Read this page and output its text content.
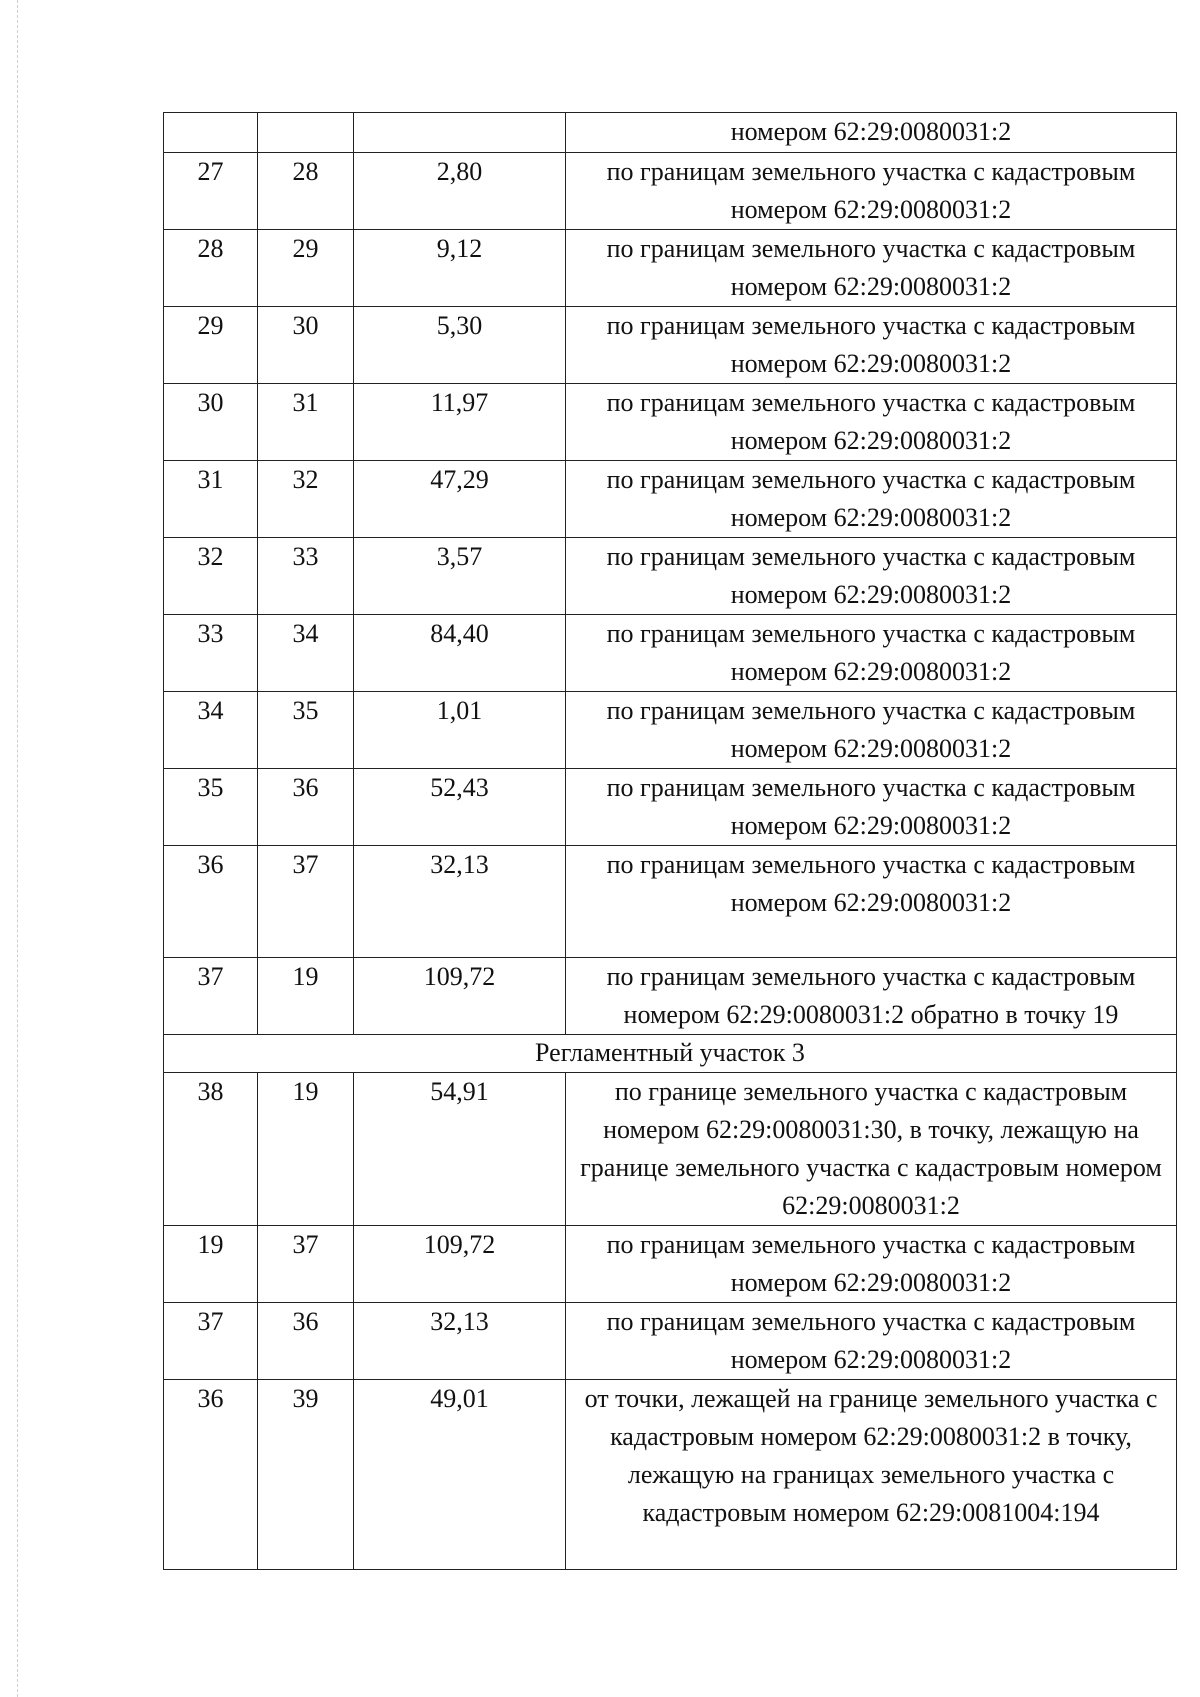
			номером 62:29:0080031:2
27	28	2,80	по границам земельного участка с кадастровым номером 62:29:0080031:2
28	29	9,12	по границам земельного участка с кадастровым номером 62:29:0080031:2
29	30	5,30	по границам земельного участка с кадастровым номером 62:29:0080031:2
30	31	11,97	по границам земельного участка с кадастровым номером 62:29:0080031:2
31	32	47,29	по границам земельного участка с кадастровым номером 62:29:0080031:2
32	33	3,57	по границам земельного участка с кадастровым номером 62:29:0080031:2
33	34	84,40	по границам земельного участка с кадастровым номером 62:29:0080031:2
34	35	1,01	по границам земельного участка с кадастровым номером 62:29:0080031:2
35	36	52,43	по границам земельного участка с кадастровым номером 62:29:0080031:2
36	37	32,13	по границам земельного участка с кадастровым номером 62:29:0080031:2
37	19	109,72	по границам земельного участка с кадастровым номером 62:29:0080031:2 обратно в точку 19
Регламентный участок 3			
38	19	54,91	по границе земельного участка с кадастровым номером 62:29:0080031:30, в точку, лежащую на границе земельного участка с кадастровым номером 62:29:0080031:2
19	37	109,72	по границам земельного участка с кадастровым номером 62:29:0080031:2
37	36	32,13	по границам земельного участка с кадастровым номером 62:29:0080031:2
36	39	49,01	от точки, лежащей на границе земельного участка с кадастровым номером 62:29:0080031:2 в точку, лежащую на границах земельного участка с кадастровым номером 62:29:0081004:194
